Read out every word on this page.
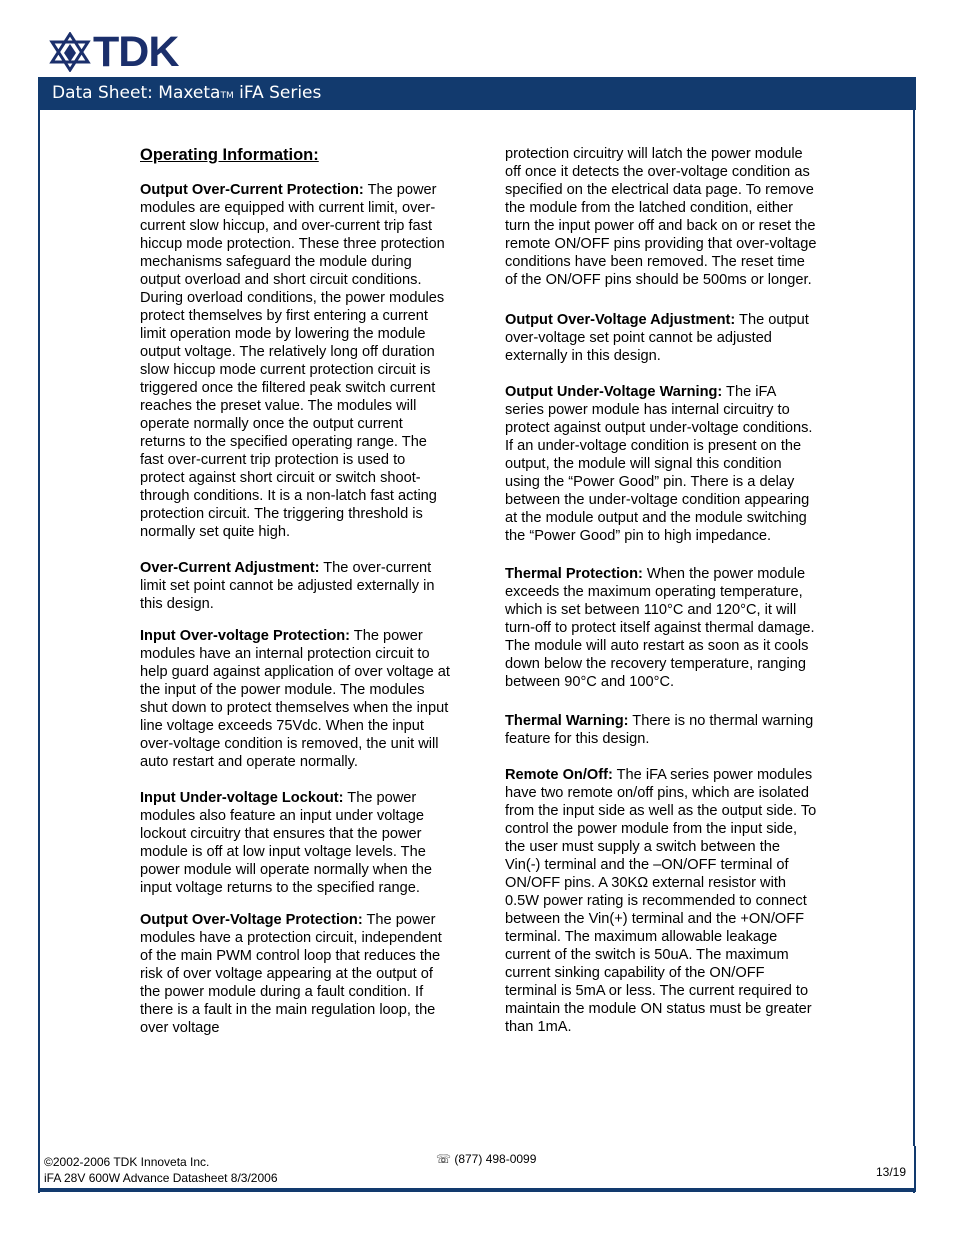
TDK
Data Sheet: MaxetaTM iFA Series

Operating Information:

Output Over-Current Protection: The power modules are equipped with current limit, over-current slow hiccup, and over-current trip fast hiccup mode protection. These three protection mechanisms safeguard the module during output overload and short circuit conditions. During overload conditions, the power modules protect themselves by first entering a current limit operation mode by lowering the module output voltage. The relatively long off duration slow hiccup mode current protection circuit is triggered once the filtered peak switch current reaches the preset value. The modules will operate normally once the output current returns to the specified operating range. The fast over-current trip protection is used to protect against short circuit or switch shoot-through conditions. It is a non-latch fast acting protection circuit. The triggering threshold is normally set quite high.

Over-Current Adjustment: The over-current limit set point cannot be adjusted externally in this design.

Input Over-voltage Protection: The power modules have an internal protection circuit to help guard against application of over voltage at the input of the power module. The modules shut down to protect themselves when the input line voltage exceeds 75Vdc. When the input over-voltage condition is removed, the unit will auto restart and operate normally.

Input Under-voltage Lockout: The power modules also feature an input under voltage lockout circuitry that ensures that the power module is off at low input voltage levels. The power module will operate normally when the input voltage returns to the specified range.

Output Over-Voltage Protection: The power modules have a protection circuit, independent of the main PWM control loop that reduces the risk of over voltage appearing at the output of the power module during a fault condition. If there is a fault in the main regulation loop, the over voltage

protection circuitry will latch the power module off once it detects the over-voltage condition as specified on the electrical data page. To remove the module from the latched condition, either turn the input power off and back on or reset the remote ON/OFF pins providing that over-voltage conditions have been removed. The reset time of the ON/OFF pins should be 500ms or longer.

Output Over-Voltage Adjustment: The output over-voltage set point cannot be adjusted externally in this design.

Output Under-Voltage Warning: The iFA series power module has internal circuitry to protect against output under-voltage conditions. If an under-voltage condition is present on the output, the module will signal this condition using the “Power Good” pin. There is a delay between the under-voltage condition appearing at the module output and the module switching the “Power Good” pin to high impedance.

Thermal Protection: When the power module exceeds the maximum operating temperature, which is set between 110°C and 120°C, it will turn-off to protect itself against thermal damage. The module will auto restart as soon as it cools down below the recovery temperature, ranging between 90°C and 100°C.

Thermal Warning: There is no thermal warning feature for this design.

Remote On/Off: The iFA series power modules have two remote on/off pins, which are isolated from the input side as well as the output side. To control the power module from the input side, the user must supply a switch between the Vin(-) terminal and the –ON/OFF terminal of ON/OFF pins. A 30KΩ external resistor with 0.5W power rating is recommended to connect between the Vin(+) terminal and the +ON/OFF terminal. The maximum allowable leakage current of the switch is 50uA. The maximum current sinking capability of the ON/OFF terminal is 5mA or less. The current required to maintain the module ON status must be greater than 1mA.

©2002-2006 TDK Innoveta Inc.
iFA 28V 600W Advance Datasheet 8/3/2006
☏ (877) 498-0099
13/19
